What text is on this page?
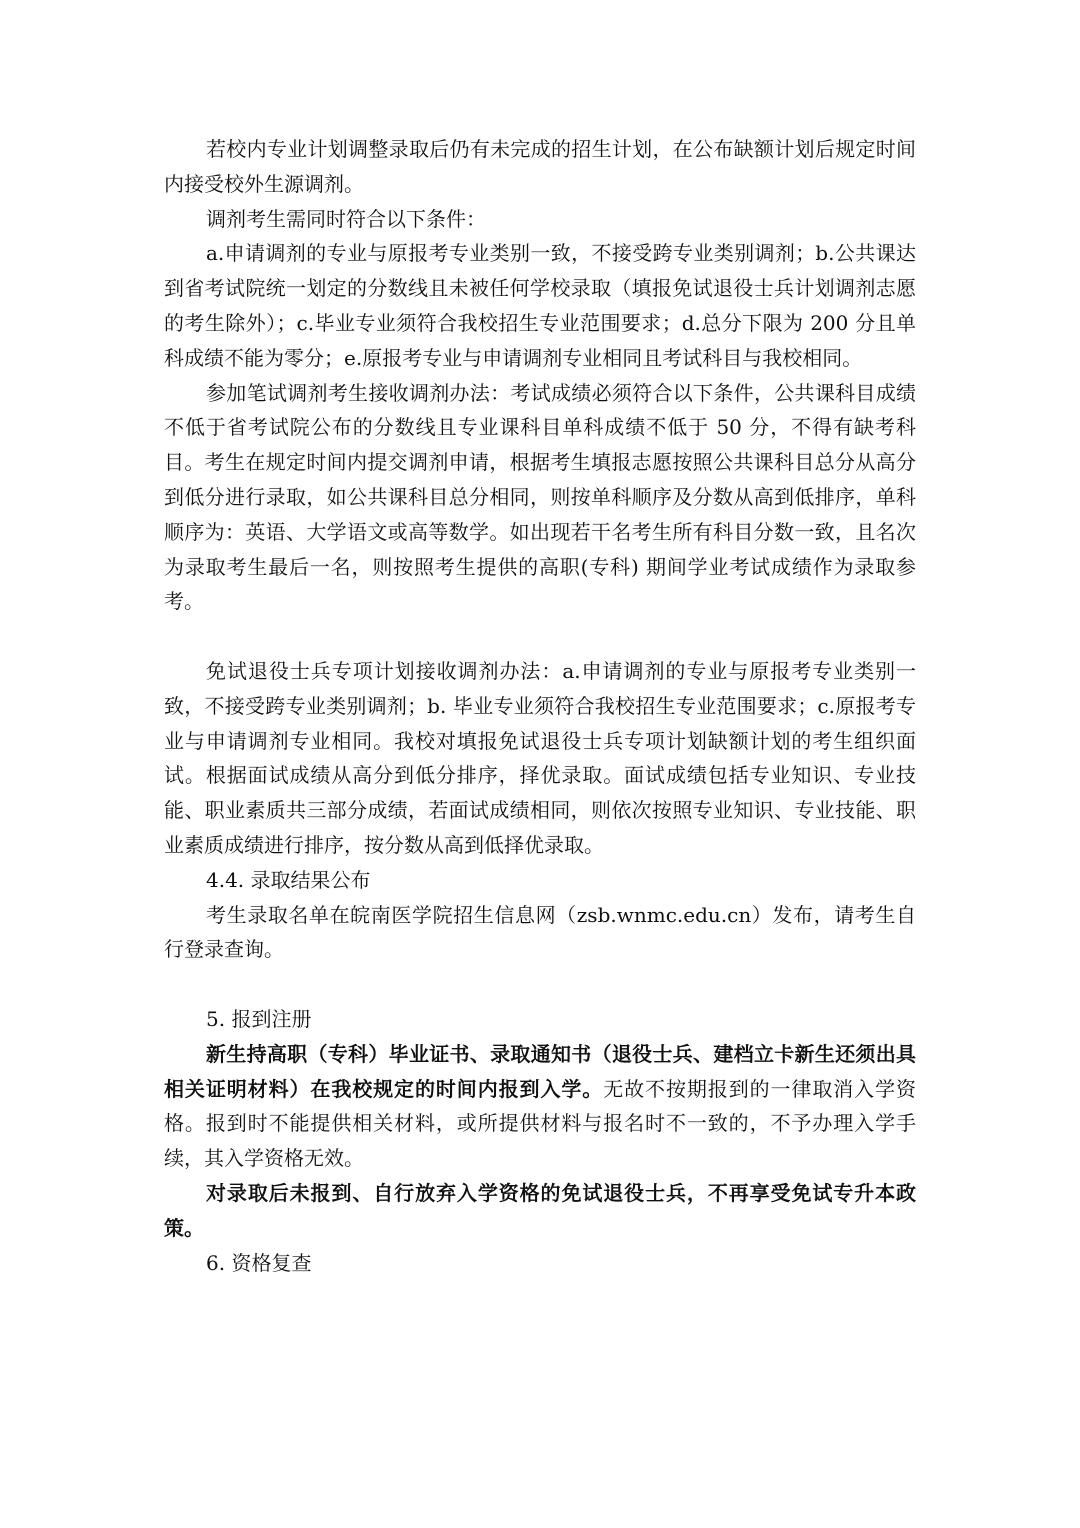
若校内专业计划调整录取后仍有未完成的招生计划，在公布缺额计划后规定时间内接受校外生源调剂。

调剂考生需同时符合以下条件：

a.申请调剂的专业与原报考专业类别一致，不接受跨专业类别调剂；b.公共课达到省考试院统一划定的分数线且未被任何学校录取（填报免试退役士兵计划调剂志愿的考生除外）；c.毕业专业须符合我校招生专业范围要求；d.总分下限为 200 分且单科成绩不能为零分；e.原报考专业与申请调剂专业相同且考试科目与我校相同。

参加笔试调剂考生接收调剂办法：考试成绩必须符合以下条件，公共课科目成绩不低于省考试院公布的分数线且专业课科目单科成绩不低于 50 分，不得有缺考科目。考生在规定时间内提交调剂申请，根据考生填报志愿按照公共课科目总分从高分到低分进行录取，如公共课科目总分相同，则按单科顺序及分数从高到低排序，单科顺序为：英语、大学语文或高等数学。如出现若干名考生所有科目分数一致，且名次为录取考生最后一名，则按照考生提供的高职(专科) 期间学业考试成绩作为录取参考。

免试退役士兵专项计划接收调剂办法：a.申请调剂的专业与原报考专业类别一致，不接受跨专业类别调剂；b. 毕业专业须符合我校招生专业范围要求；c.原报考专业与申请调剂专业相同。我校对填报免试退役士兵专项计划缺额计划的考生组织面试。根据面试成绩从高分到低分排序，择优录取。面试成绩包括专业知识、专业技能、职业素质共三部分成绩，若面试成绩相同，则依次按照专业知识、专业技能、职业素质成绩进行排序，按分数从高到低择优录取。

4.4. 录取结果公布

考生录取名单在皖南医学院招生信息网（zsb.wnmc.edu.cn）发布，请考生自行登录查询。

5. 报到注册

新生持高职（专科）毕业证书、录取通知书（退役士兵、建档立卡新生还须出具相关证明材料）在我校规定的时间内报到入学。无故不按期报到的一律取消入学资格。报到时不能提供相关材料，或所提供材料与报名时不一致的，不予办理入学手续，其入学资格无效。

对录取后未报到、自行放弃入学资格的免试退役士兵，不再享受免试专升本政策。

6. 资格复查
